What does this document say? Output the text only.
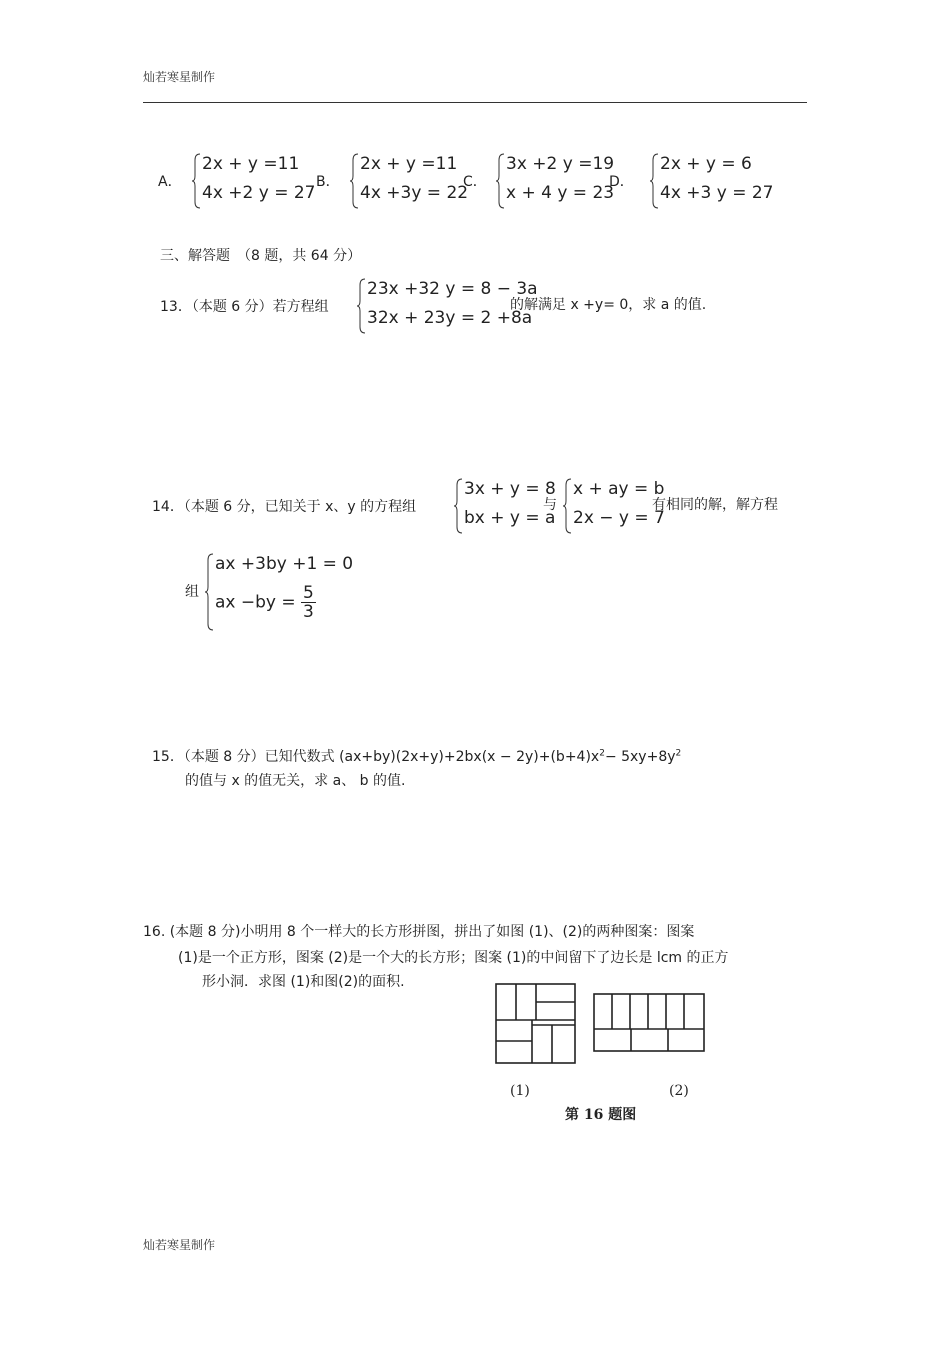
灿若寒星制作
A．
2x + y =11
4x +2 y = 27
B．
2x + y =11
4x +3y = 22
C．
3x +2 y =19
x + 4 y = 23
D．
2x + y = 6
4x +3 y = 27
三、解答题　（8 题，共 64 分）
13．（本题 6 分）若方程组
23x +32 y = 8 − 3a
32x + 23y = 2 +8a
的解满足 x +y= 0，求 a 的值.
14．（本题 6 分，已知关于 x、y 的方程组
3x + y = 8
bx + y = a
与
x + ay = b
2x − y = 7
有相同的解，解方程
组
ax +3by +1 = 0
ax $-by = \frac{5}{3}$
15．（本题 8 分）已知代数式 $(ax+by)(2x+y)+2bx(x - 2y)+(b+4)x^2- 5xy+8y^2$
的值与 x 的值无关，求 a、 b 的值.
16. (本题 8 分)小明用 8 个一样大的长方形拼图，拼出了如图 (1)、(2)的两种图案：图案
(1)是一个正方形，图案 (2)是一个大的长方形；图案 (1)的中间留下了边长是 lcm 的正方
形小洞．求图 (1)和图(2)的面积.
(1)	(2)
第 16 题图
灿若寒星制作
